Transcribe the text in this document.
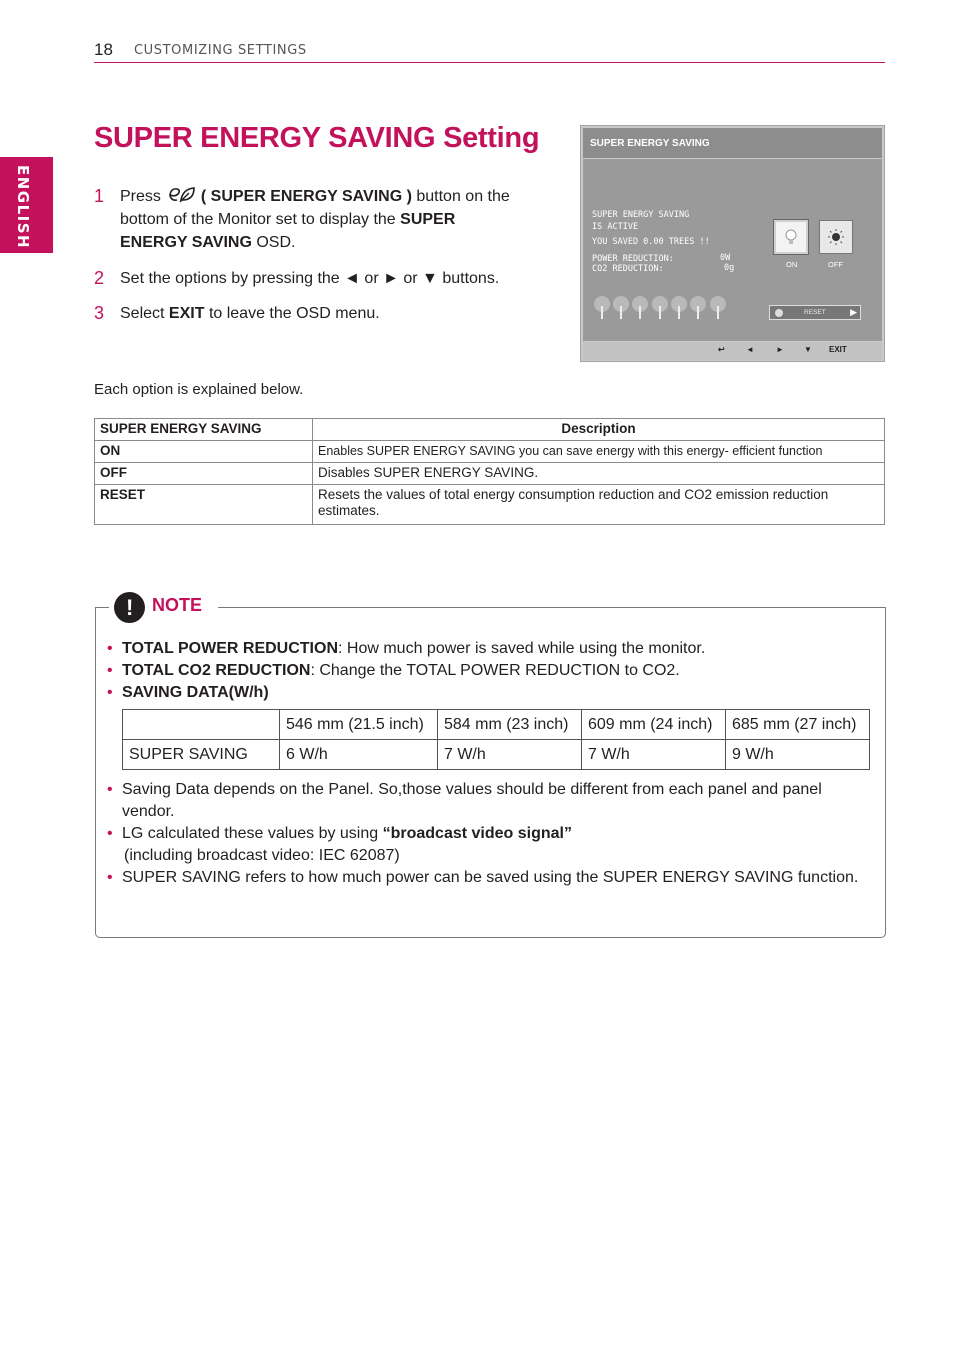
18 CUSTOMIZING SETTINGS
ENGLISH
SUPER ENERGY SAVING Setting
1 Press	( SUPER ENERGY SAVING ) button on the bottom of the Monitor set to display the SUPER ENERGY SAVING OSD.
2 Set the options by pressing the ◄ or ► or ▼ buttons.
3 Select EXIT to leave the OSD menu.
SUPER ENERGY SAVING
SUPER ENERGY SAVING
IS ACTIVE
YOU SAVED 0.00 TREES !!
POWER REDUCTION:	0W
CO2 REDUCTION:	0g	ON	OFF
RESET	▶
↩	◄	►	▼ EXIT
Each option is explained below.
SUPER ENERGY SAVING	Description
ON	Enables SUPER ENERGY SAVING you can save energy with this energy- efficient function
OFF	Disables SUPER ENERGY SAVING.
RESET	Resets the values of total energy consumption reduction and CO2 emission reduction estimates.
! NOTE
• TOTAL POWER REDUCTION: How much power is saved while using the monitor.
• TOTAL CO2 REDUCTION: Change the TOTAL POWER REDUCTION to CO2.
• SAVING DATA(W/h)
	546 mm (21.5 inch)	584 mm (23 inch)	609 mm (24 inch)	685 mm (27 inch)
SUPER SAVING	6 W/h	7 W/h	7 W/h	9 W/h
• Saving Data depends on the Panel. So,those values should be different from each panel and panel vendor.
• LG calculated these values by using “broadcast video signal”
(including broadcast video: IEC 62087)
• SUPER SAVING refers to how much power can be saved using the SUPER ENERGY SAVING function.
